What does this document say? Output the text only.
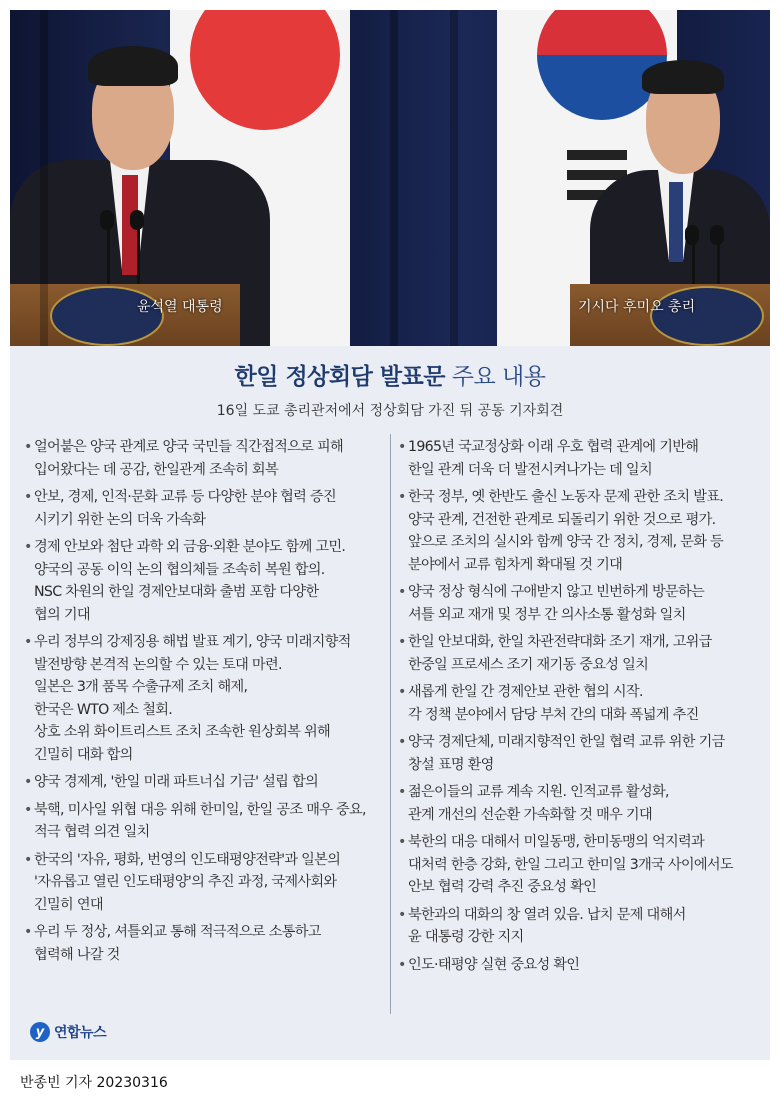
윤석열 대통령	기시다 후미오 총리
한일 정상회담 발표문 주요 내용
16일 도쿄 총리관저에서 정상회담 가진 뒤 공동 기자회견
• 얼어붙은 양국 관계로 양국 국민들 직간접적으로 피해
입어왔다는 데 공감, 한일관계 조속히 회복
• 안보, 경제, 인적·문화 교류 등 다양한 분야 협력 증진
시키기 위한 논의 더욱 가속화
• 경제 안보와 첨단 과학 외 금융·외환 분야도 함께 고민.
양국의 공동 이익 논의 협의체들 조속히 복원 합의.
NSC 차원의 한일 경제안보대화 출범 포함 다양한
협의 기대
• 우리 정부의 강제징용 해법 발표 계기, 양국 미래지향적
발전방향 본격적 논의할 수 있는 토대 마련.
일본은 3개 품목 수출규제 조치 해제,
한국은 WTO 제소 철회.
상호 소위 화이트리스트 조치 조속한 원상회복 위해
긴밀히 대화 합의
• 양국 경제계, '한일 미래 파트너십 기금' 설립 합의
• 북핵, 미사일 위협 대응 위해 한미일, 한일 공조 매우 중요,
적극 협력 의견 일치
• 한국의 '자유, 평화, 번영의 인도태평양전략'과 일본의
'자유롭고 열린 인도태평양'의 추진 과정, 국제사회와
긴밀히 연대
• 우리 두 정상, 셔틀외교 통해 적극적으로 소통하고
협력해 나갈 것
• 1965년 국교정상화 이래 우호 협력 관계에 기반해
한일 관계 더욱 더 발전시켜나가는 데 일치
• 한국 정부, 옛 한반도 출신 노동자 문제 관한 조치 발표.
양국 관계, 건전한 관계로 되돌리기 위한 것으로 평가.
앞으로 조치의 실시와 함께 양국 간 정치, 경제, 문화 등
분야에서 교류 힘차게 확대될 것 기대
• 양국 정상 형식에 구애받지 않고 빈번하게 방문하는
셔틀 외교 재개 및 정부 간 의사소통 활성화 일치
• 한일 안보대화, 한일 차관전략대화 조기 재개, 고위급
한중일 프로세스 조기 재기동 중요성 일치
• 새롭게 한일 간 경제안보 관한 협의 시작.
각 정책 분야에서 담당 부처 간의 대화 폭넓게 추진
• 양국 경제단체, 미래지향적인 한일 협력 교류 위한 기금
창설 표명 환영
• 젊은이들의 교류 계속 지원. 인적교류 활성화,
관계 개선의 선순환 가속화할 것 매우 기대
• 북한의 대응 대해서 미일동맹, 한미동맹의 억지력과
대처력 한층 강화, 한일 그리고 한미일 3개국 사이에서도
안보 협력 강력 추진 중요성 확인
• 북한과의 대화의 창 열려 있음. 납치 문제 대해서
윤 대통령 강한 지지
• 인도·태평양 실현 중요성 확인
y 연합뉴스
반종빈 기자 20230316
